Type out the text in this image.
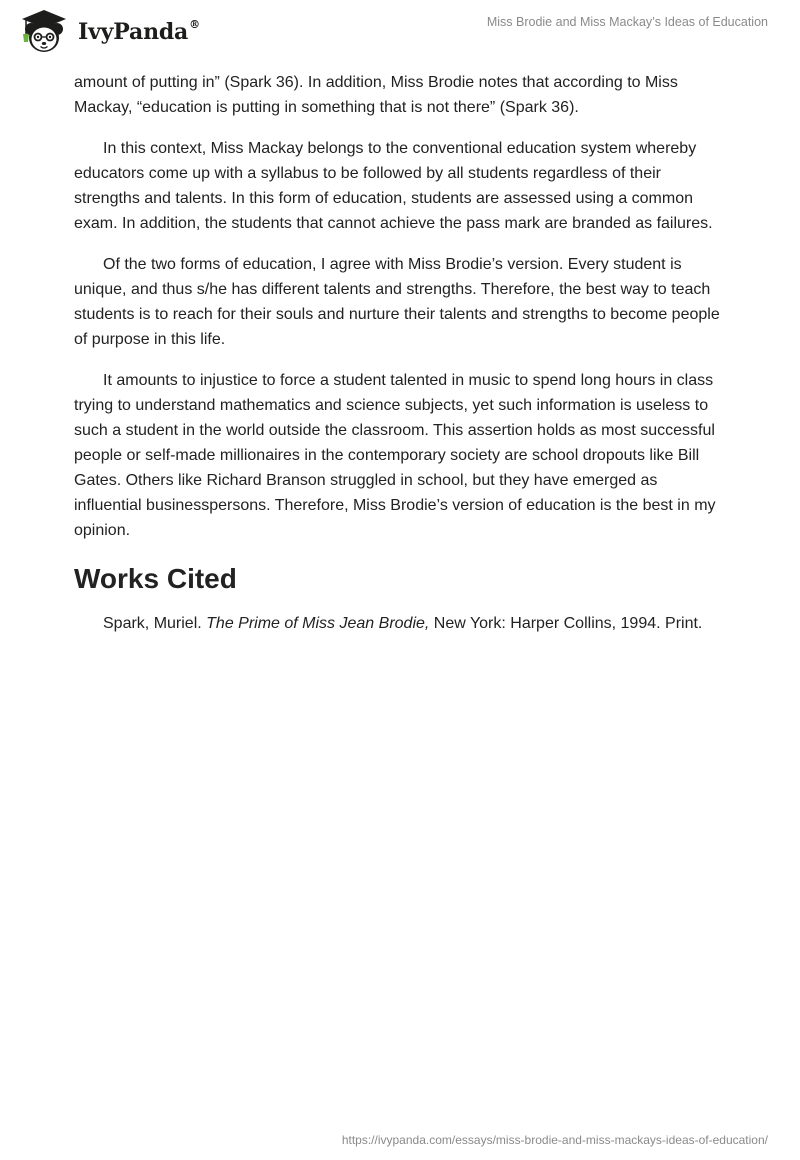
IvyPanda®	Miss Brodie and Miss Mackay’s Ideas of Education

amount of putting in” (Spark 36). In addition, Miss Brodie notes that according to Miss Mackay, “education is putting in something that is not there” (Spark 36).

In this context, Miss Mackay belongs to the conventional education system whereby educators come up with a syllabus to be followed by all students regardless of their strengths and talents. In this form of education, students are assessed using a common exam. In addition, the students that cannot achieve the pass mark are branded as failures.

Of the two forms of education, I agree with Miss Brodie’s version. Every student is unique, and thus s/he has different talents and strengths. Therefore, the best way to teach students is to reach for their souls and nurture their talents and strengths to become people of purpose in this life.

It amounts to injustice to force a student talented in music to spend long hours in class trying to understand mathematics and science subjects, yet such information is useless to such a student in the world outside the classroom. This assertion holds as most successful people or self-made millionaires in the contemporary society are school dropouts like Bill Gates. Others like Richard Branson struggled in school, but they have emerged as influential businesspersons. Therefore, Miss Brodie’s version of education is the best in my opinion.

Works Cited

Spark, Muriel. The Prime of Miss Jean Brodie, New York: Harper Collins, 1994. Print.

https://ivypanda.com/essays/miss-brodie-and-miss-mackays-ideas-of-education/
